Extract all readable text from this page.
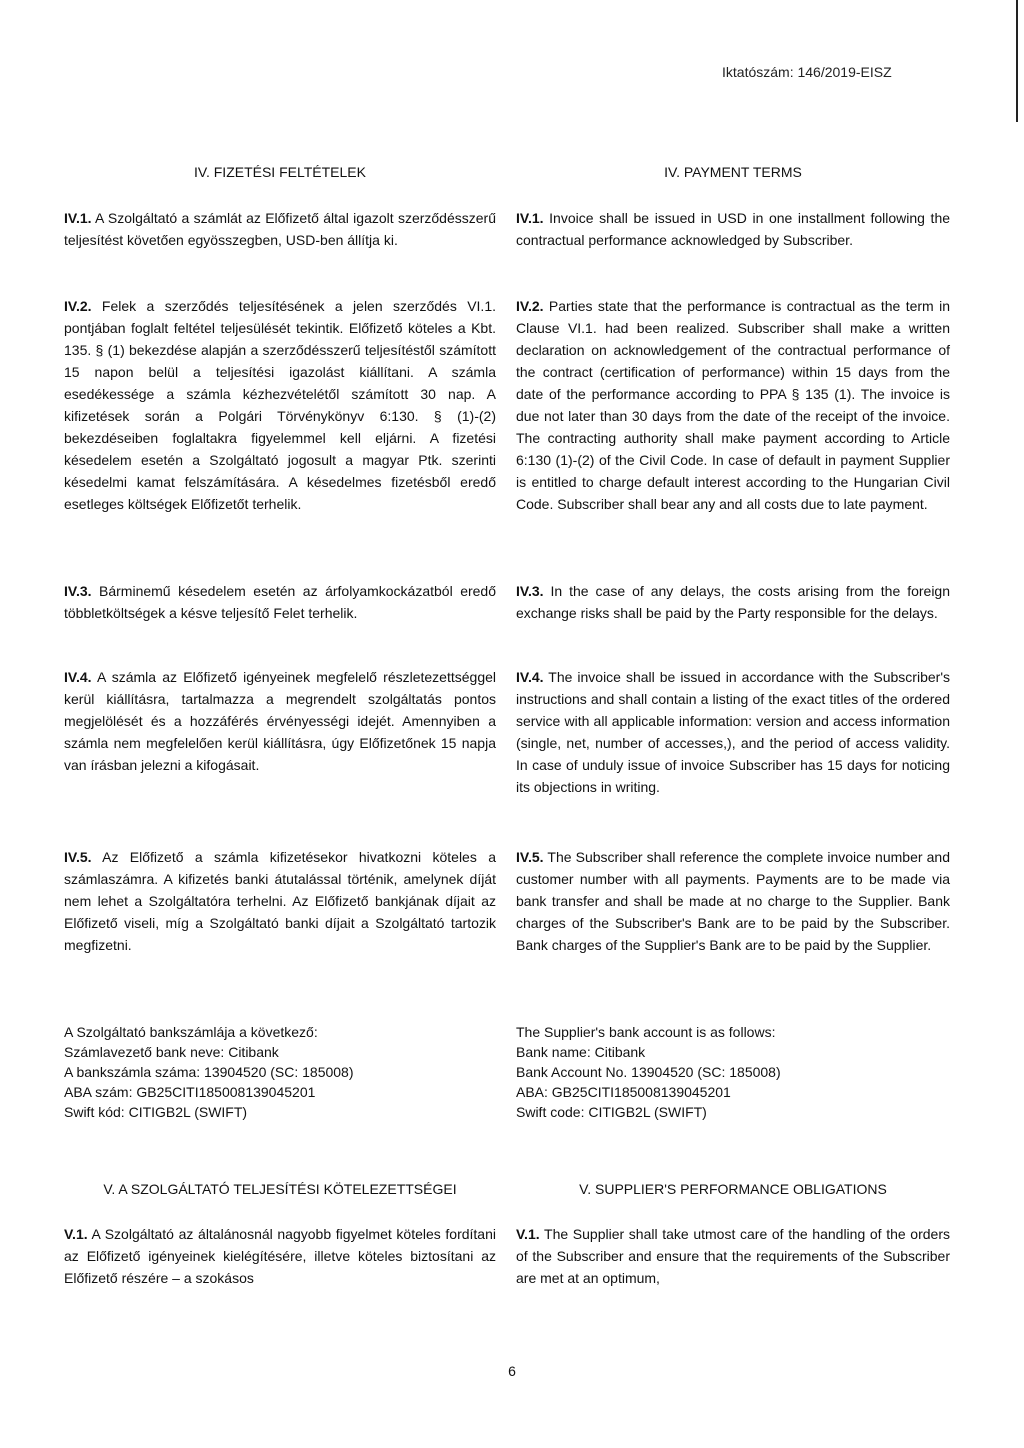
Iktatószám: 146/2019-EISZ
IV. FIZETÉSI FELTÉTELEK	IV. PAYMENT TERMS

IV.1. A Szolgáltató a számlát az Előfizető által igazolt szerződésszerű teljesítést követően egyösszegben, USD-ben állítja ki.

IV.1. Invoice shall be issued in USD in one installment following the contractual performance acknowledged by Subscriber.

IV.2. Felek a szerződés teljesítésének a jelen szerződés VI.1. pontjában foglalt feltétel teljesülését tekintik. Előfizető köteles a Kbt. 135. § (1) bekezdése alapján a szerződésszerű teljesítéstől számított 15 napon belül a teljesítési igazolást kiállítani. A számla esedékessége a számla kézhezvételétől számított 30 nap. A kifizetések során a Polgári Törvénykönyv 6:130. § (1)-(2) bekezdéseiben foglaltakra figyelemmel kell eljárni. A fizetési késedelem esetén a Szolgáltató jogosult a magyar Ptk. szerinti késedelmi kamat felszámítására. A késedelmes fizetésből eredő esetleges költségek Előfizetőt terhelik.

IV.2. Parties state that the performance is contractual as the term in Clause VI.1. had been realized. Subscriber shall make a written declaration on acknowledgement of the contractual performance of the contract (certification of performance) within 15 days from the date of the performance according to PPA § 135 (1). The invoice is due not later than 30 days from the date of the receipt of the invoice. The contracting authority shall make payment according to Article 6:130 (1)-(2) of the Civil Code. In case of default in payment Supplier is entitled to charge default interest according to the Hungarian Civil Code. Subscriber shall bear any and all costs due to late payment.

IV.3. Bárminemű késedelem esetén az árfolyamkockázatból eredő többletköltségek a késve teljesítő Felet terhelik.

IV.3. In the case of any delays, the costs arising from the foreign exchange risks shall be paid by the Party responsible for the delays.

IV.4. A számla az Előfizető igényeinek megfelelő részletezettséggel kerül kiállításra, tartalmazza a megrendelt szolgáltatás pontos megjelölését és a hozzáférés érvényességi idejét. Amennyiben a számla nem megfelelően kerül kiállításra, úgy Előfizetőnek 15 napja van írásban jelezni a kifogásait.

IV.4. The invoice shall be issued in accordance with the Subscriber's instructions and shall contain a listing of the exact titles of the ordered service with all applicable information: version and access information (single, net, number of accesses,), and the period of access validity. In case of unduly issue of invoice Subscriber has 15 days for noticing its objections in writing.

IV.5. Az Előfizető a számla kifizetésekor hivatkozni köteles a számlaszámra. A kifizetés banki átutalással történik, amelynek díját nem lehet a Szolgáltatóra terhelni. Az Előfizető bankjának díjait az Előfizető viseli, míg a Szolgáltató banki díjait a Szolgáltató tartozik megfizetni.

IV.5. The Subscriber shall reference the complete invoice number and customer number with all payments. Payments are to be made via bank transfer and shall be made at no charge to the Supplier. Bank charges of the Subscriber's Bank are to be paid by the Subscriber. Bank charges of the Supplier's Bank are to be paid by the Supplier.

A Szolgáltató bankszámlája a következő:
Számlavezető bank neve: Citibank
A bankszámla száma: 13904520 (SC: 185008)
ABA szám: GB25CITI185008139045201
Swift kód: CITIGB2L (SWIFT)
The Supplier's bank account is as follows:
Bank name: Citibank
Bank Account No. 13904520 (SC: 185008)
ABA: GB25CITI185008139045201
Swift code: CITIGB2L (SWIFT)
V. A SZOLGÁLTATÓ TELJESÍTÉSI KÖTELEZETTSÉGEI	V. SUPPLIER'S PERFORMANCE OBLIGATIONS

V.1. A Szolgáltató az általánosnál nagyobb figyelmet köteles fordítani az Előfizető igényeinek kielégítésére, illetve köteles biztosítani az Előfizető részére – a szokásos

V.1. The Supplier shall take utmost care of the handling of the orders of the Subscriber and ensure that the requirements of the Subscriber are met at an optimum,

6
